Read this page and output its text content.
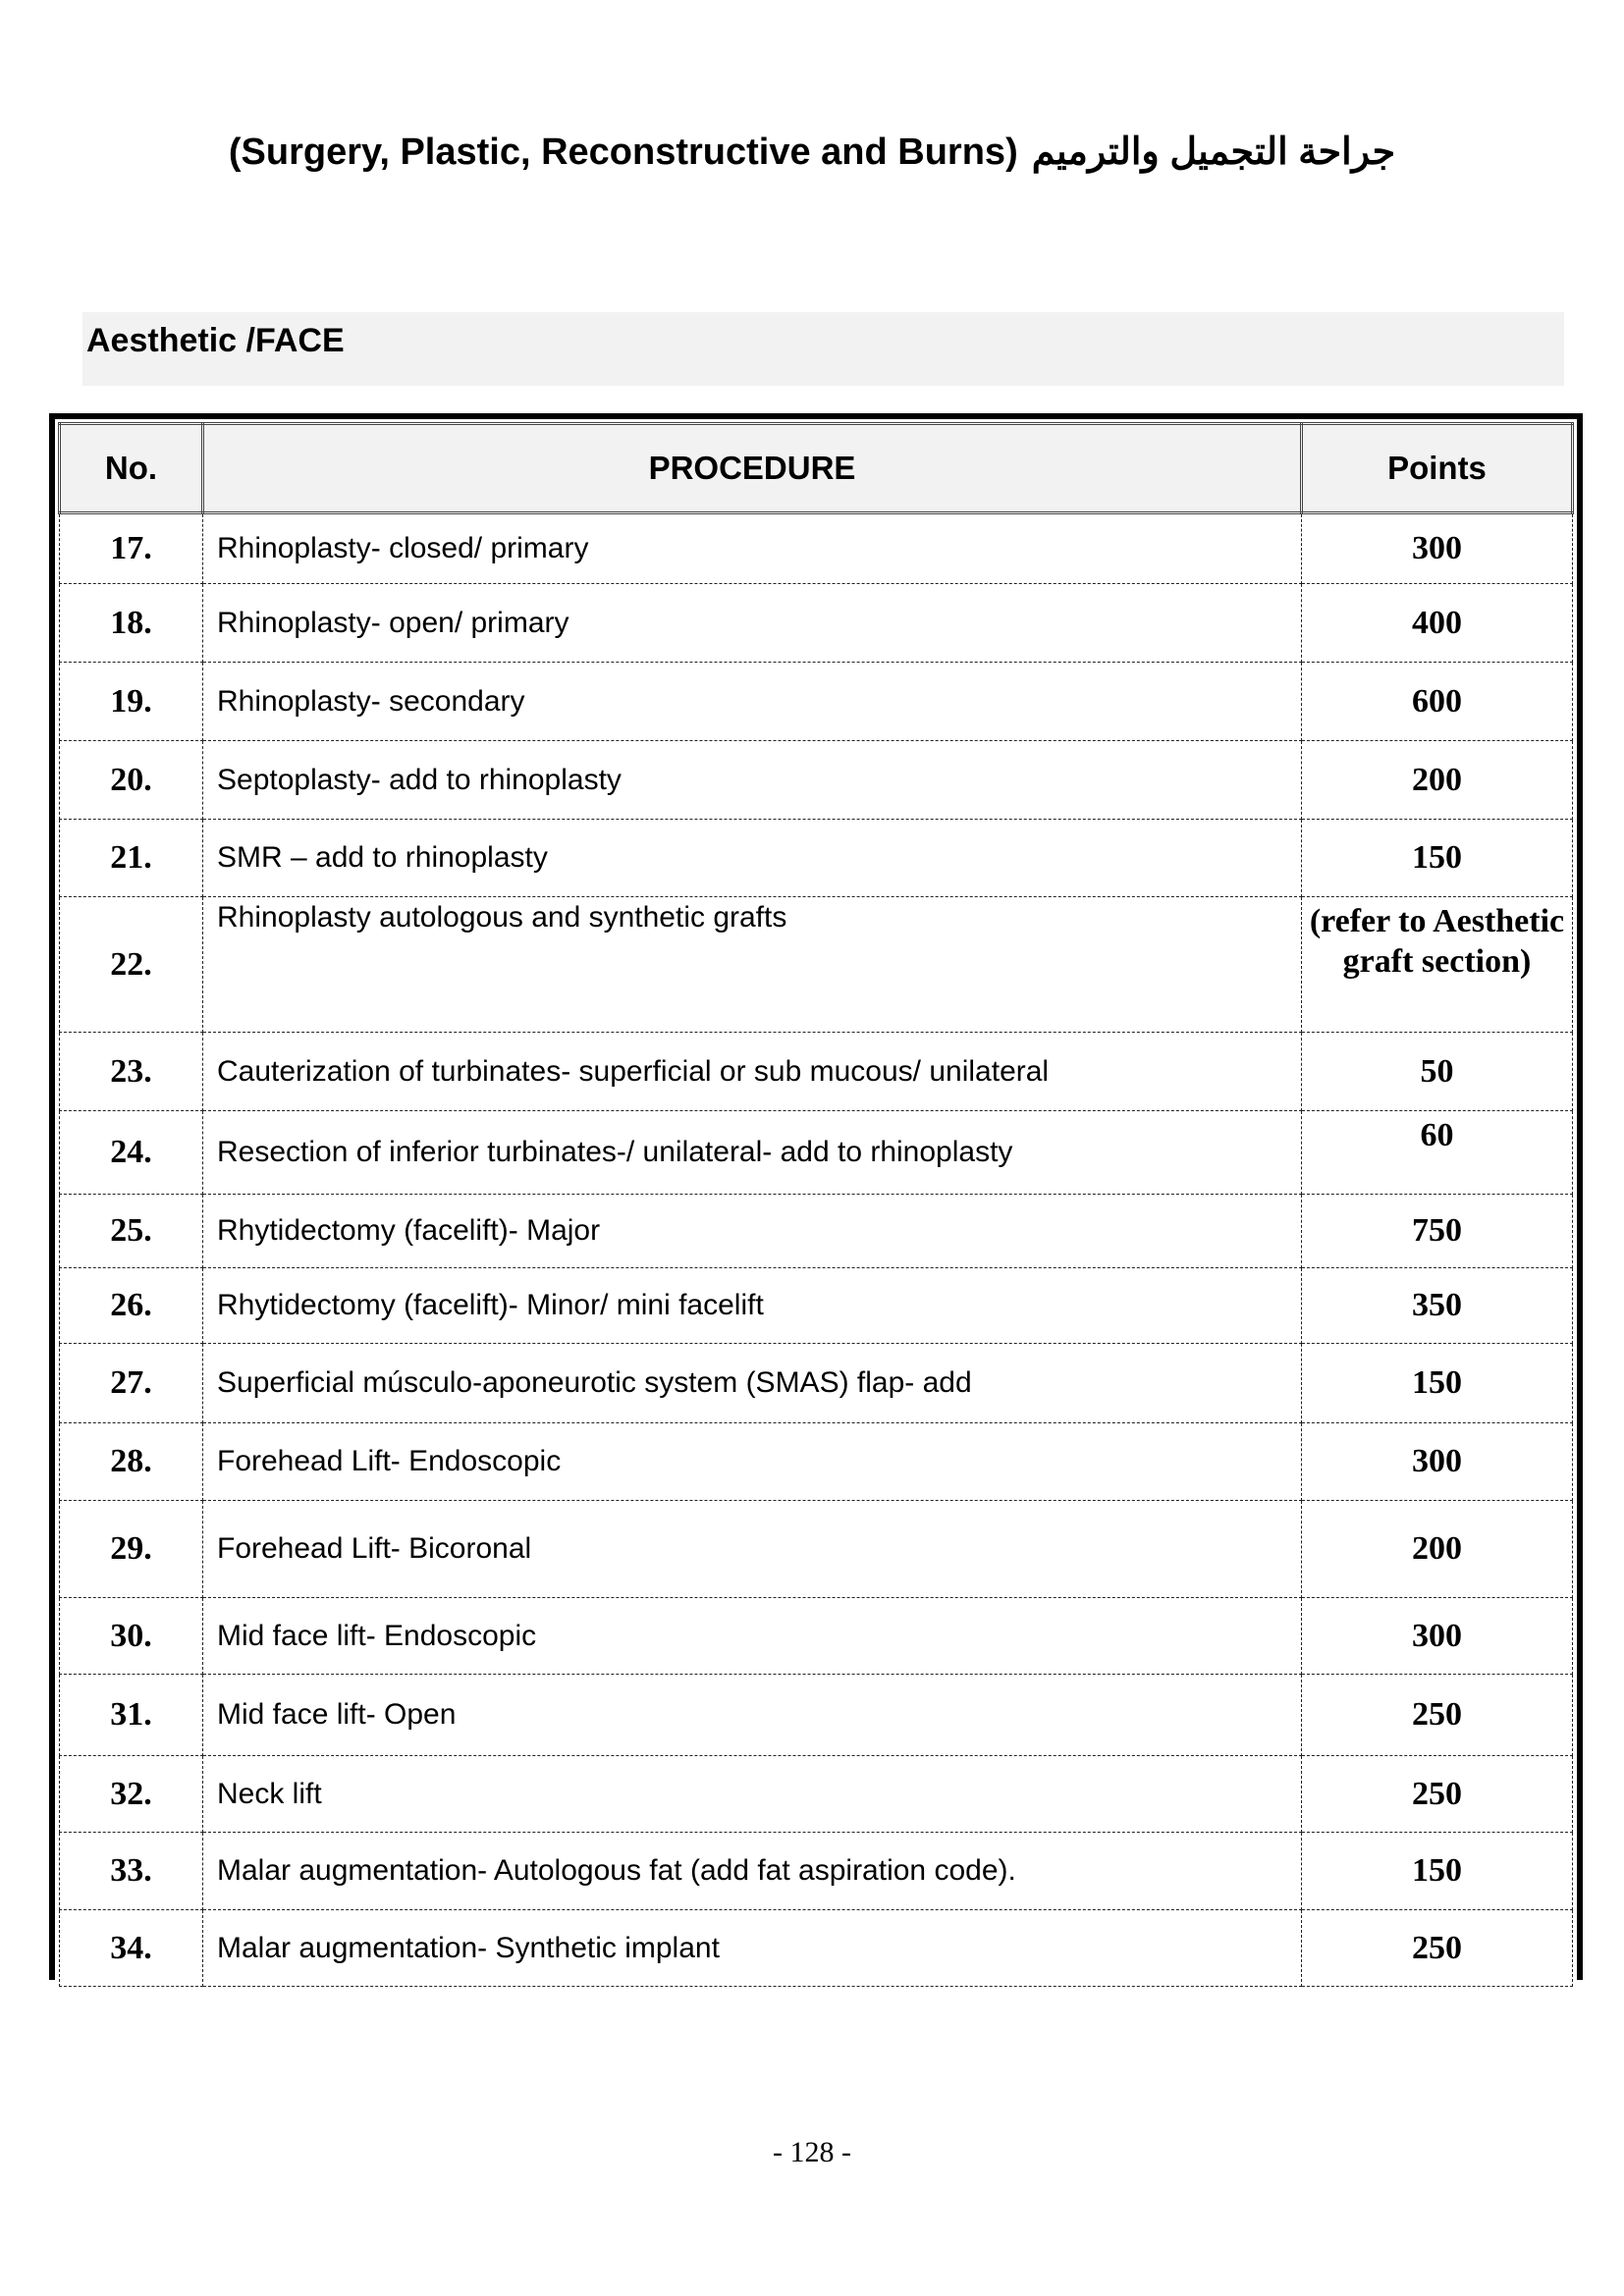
(Surgery, Plastic, Reconstructive and Burns) جراحة التجميل والترميم
Aesthetic /FACE
No.	PROCEDURE	Points
17.	Rhinoplasty- closed/ primary	300
18.	Rhinoplasty- open/ primary	400
19.	Rhinoplasty- secondary	600
20.	Septoplasty- add to rhinoplasty	200
21.	SMR – add to rhinoplasty	150
22.	Rhinoplasty autologous and synthetic grafts	(refer to Aesthetic graft section)
23.	Cauterization of turbinates- superficial or sub mucous/ unilateral	50
24.	Resection of inferior turbinates-/ unilateral- add to rhinoplasty	60
25.	Rhytidectomy (facelift)- Major	750
26.	Rhytidectomy (facelift)- Minor/ mini facelift	350
27.	Superficial músculo-aponeurotic system (SMAS) flap- add	150
28.	Forehead Lift- Endoscopic	300
29.	Forehead Lift- Bicoronal	200
30.	Mid face lift- Endoscopic	300
31.	Mid face lift- Open	250
32.	Neck lift	250
33.	Malar augmentation- Autologous fat (add fat aspiration code).	150
34.	Malar augmentation- Synthetic implant	250
- 128 -
